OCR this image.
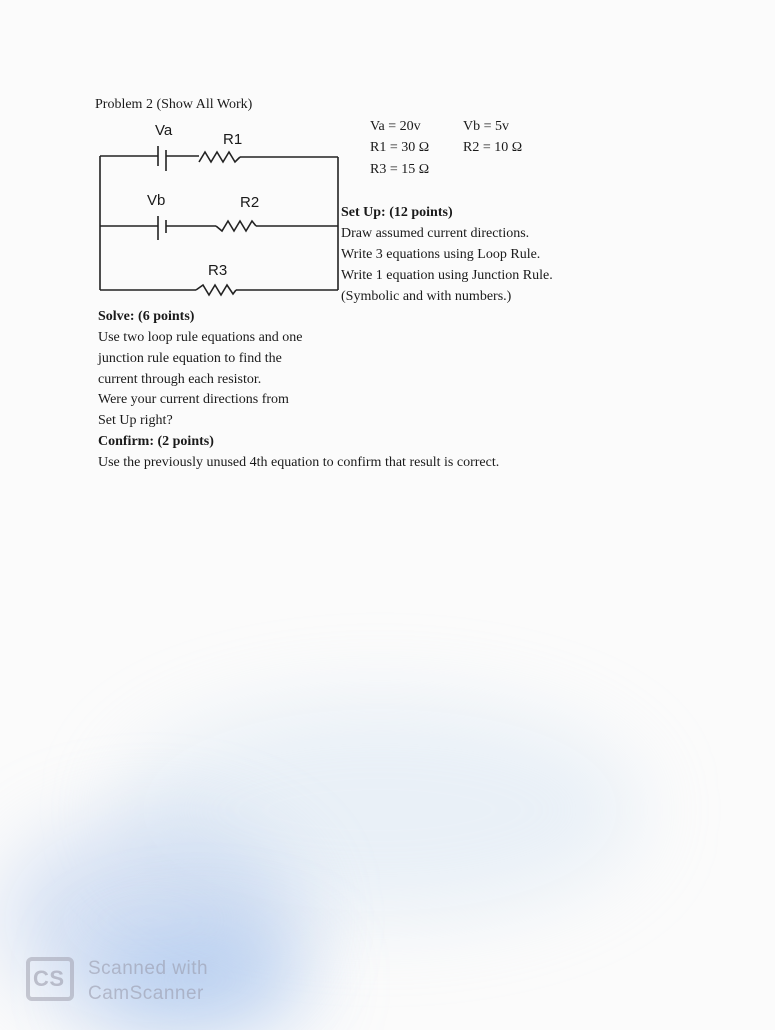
Problem 2 (Show All Work)
Va
R1
Vb	R2
R3
Va = 20v	Vb = 5v
R1 = 30 Ω R2 = 10 Ω
R3 = 15 Ω
Set Up: (12 points)
Draw assumed current directions.
Write 3 equations using Loop Rule.
Write 1 equation using Junction Rule.
(Symbolic and with numbers.)
Solve: (6 points)
Use two loop rule equations and one
junction rule equation to find the
current through each resistor.
Were your current directions from
Set Up right?
Confirm: (2 points)
Use the previously unused 4th equation to confirm that result is correct.
CS Scanned with
CamScanner
